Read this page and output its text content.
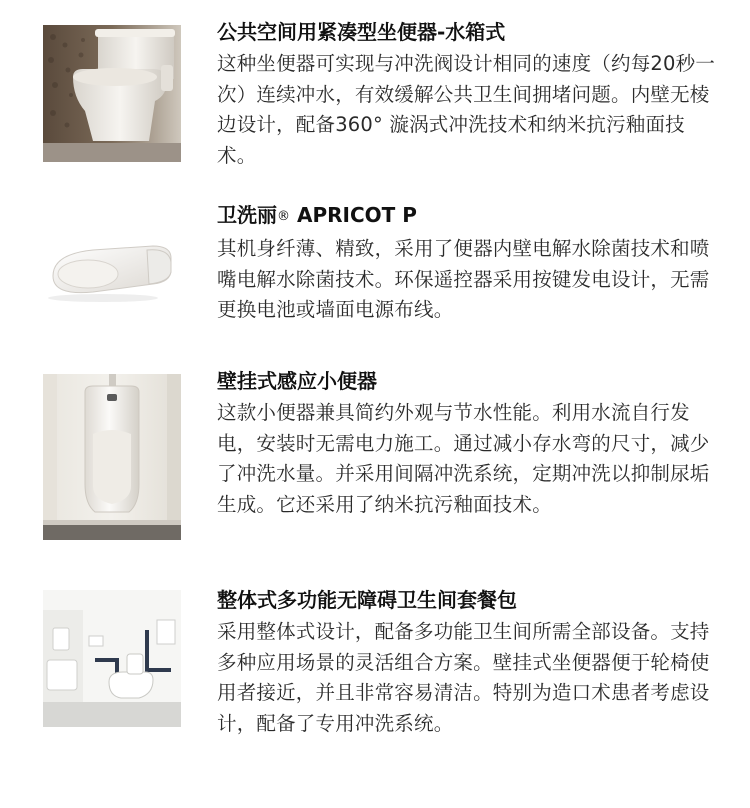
公共空间用紧凑型坐便器-水箱式

这种坐便器可实现与冲洗阀设计相同的速度（约每20秒一次）连续冲水，有效缓解公共卫生间拥堵问题。内壁无棱边设计，配备360° 漩涡式冲洗技术和纳米抗污釉面技术。

卫洗丽® APRICOT P

其机身纤薄、精致，采用了便器内壁电解水除菌技术和喷嘴电解水除菌技术。环保遥控器采用按键发电设计，无需更换电池或墙面电源布线。

壁挂式感应小便器

这款小便器兼具简约外观与节水性能。利用水流自行发电，安装时无需电力施工。通过减小存水弯的尺寸，减少了冲洗水量。并采用间隔冲洗系统，定期冲洗以抑制尿垢生成。它还采用了纳米抗污釉面技术。

整体式多功能无障碍卫生间套餐包

采用整体式设计，配备多功能卫生间所需全部设备。支持多种应用场景的灵活组合方案。壁挂式坐便器便于轮椅使用者接近，并且非常容易清洁。特别为造口术患者考虑设计，配备了专用冲洗系统。
